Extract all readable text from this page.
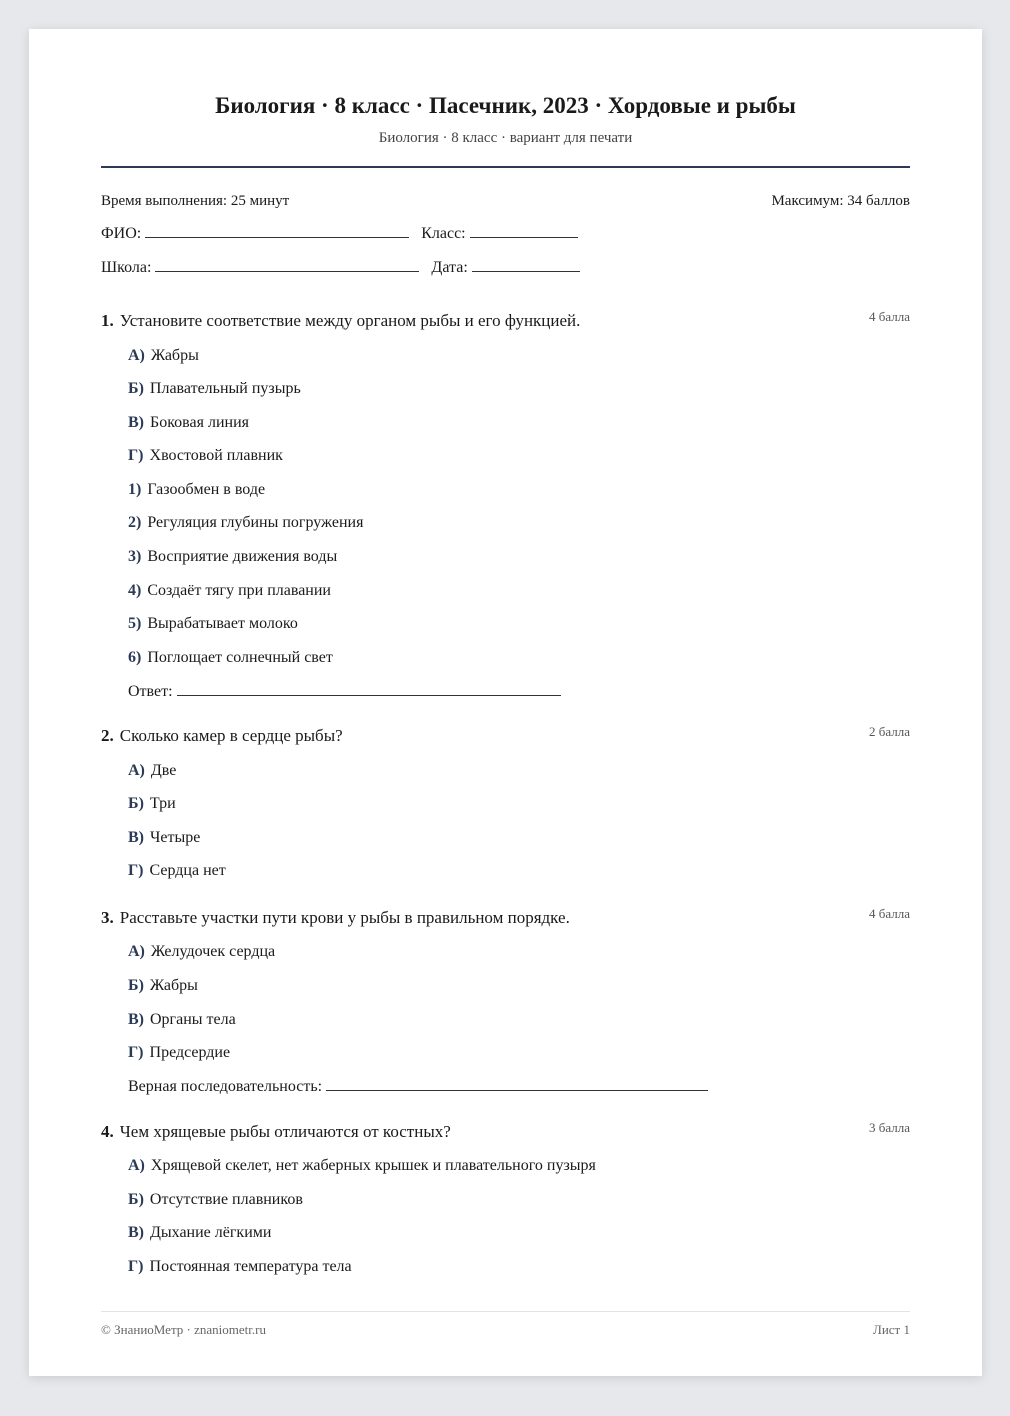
Биология · 8 класс · Пасечник, 2023 · Хордовые и рыбы
Биология · 8 класс · вариант для печати
Время выполнения: 25 минут	Максимум: 34 баллов
ФИО:	Класс:
Школа:	Дата:
1. Установите соответствие между органом рыбы и его функцией.	4 балла
А) Жабры
Б) Плавательный пузырь
В) Боковая линия
Г) Хвостовой плавник
1) Газообмен в воде
2) Регуляция глубины погружения
3) Восприятие движения воды
4) Создаёт тягу при плавании
5) Вырабатывает молоко
6) Поглощает солнечный свет
Ответ:
2. Сколько камер в сердце рыбы?	2 балла
А) Две
Б) Три
В) Четыре
Г) Сердца нет
3. Расставьте участки пути крови у рыбы в правильном порядке.	4 балла
А) Желудочек сердца
Б) Жабры
В) Органы тела
Г) Предсердие
Верная последовательность:
4. Чем хрящевые рыбы отличаются от костных?	3 балла
А) Хрящевой скелет, нет жаберных крышек и плавательного пузыря
Б) Отсутствие плавников
В) Дыхание лёгкими
Г) Постоянная температура тела
© ЗнаниоМетр · znaniometr.ru	Лист 1
